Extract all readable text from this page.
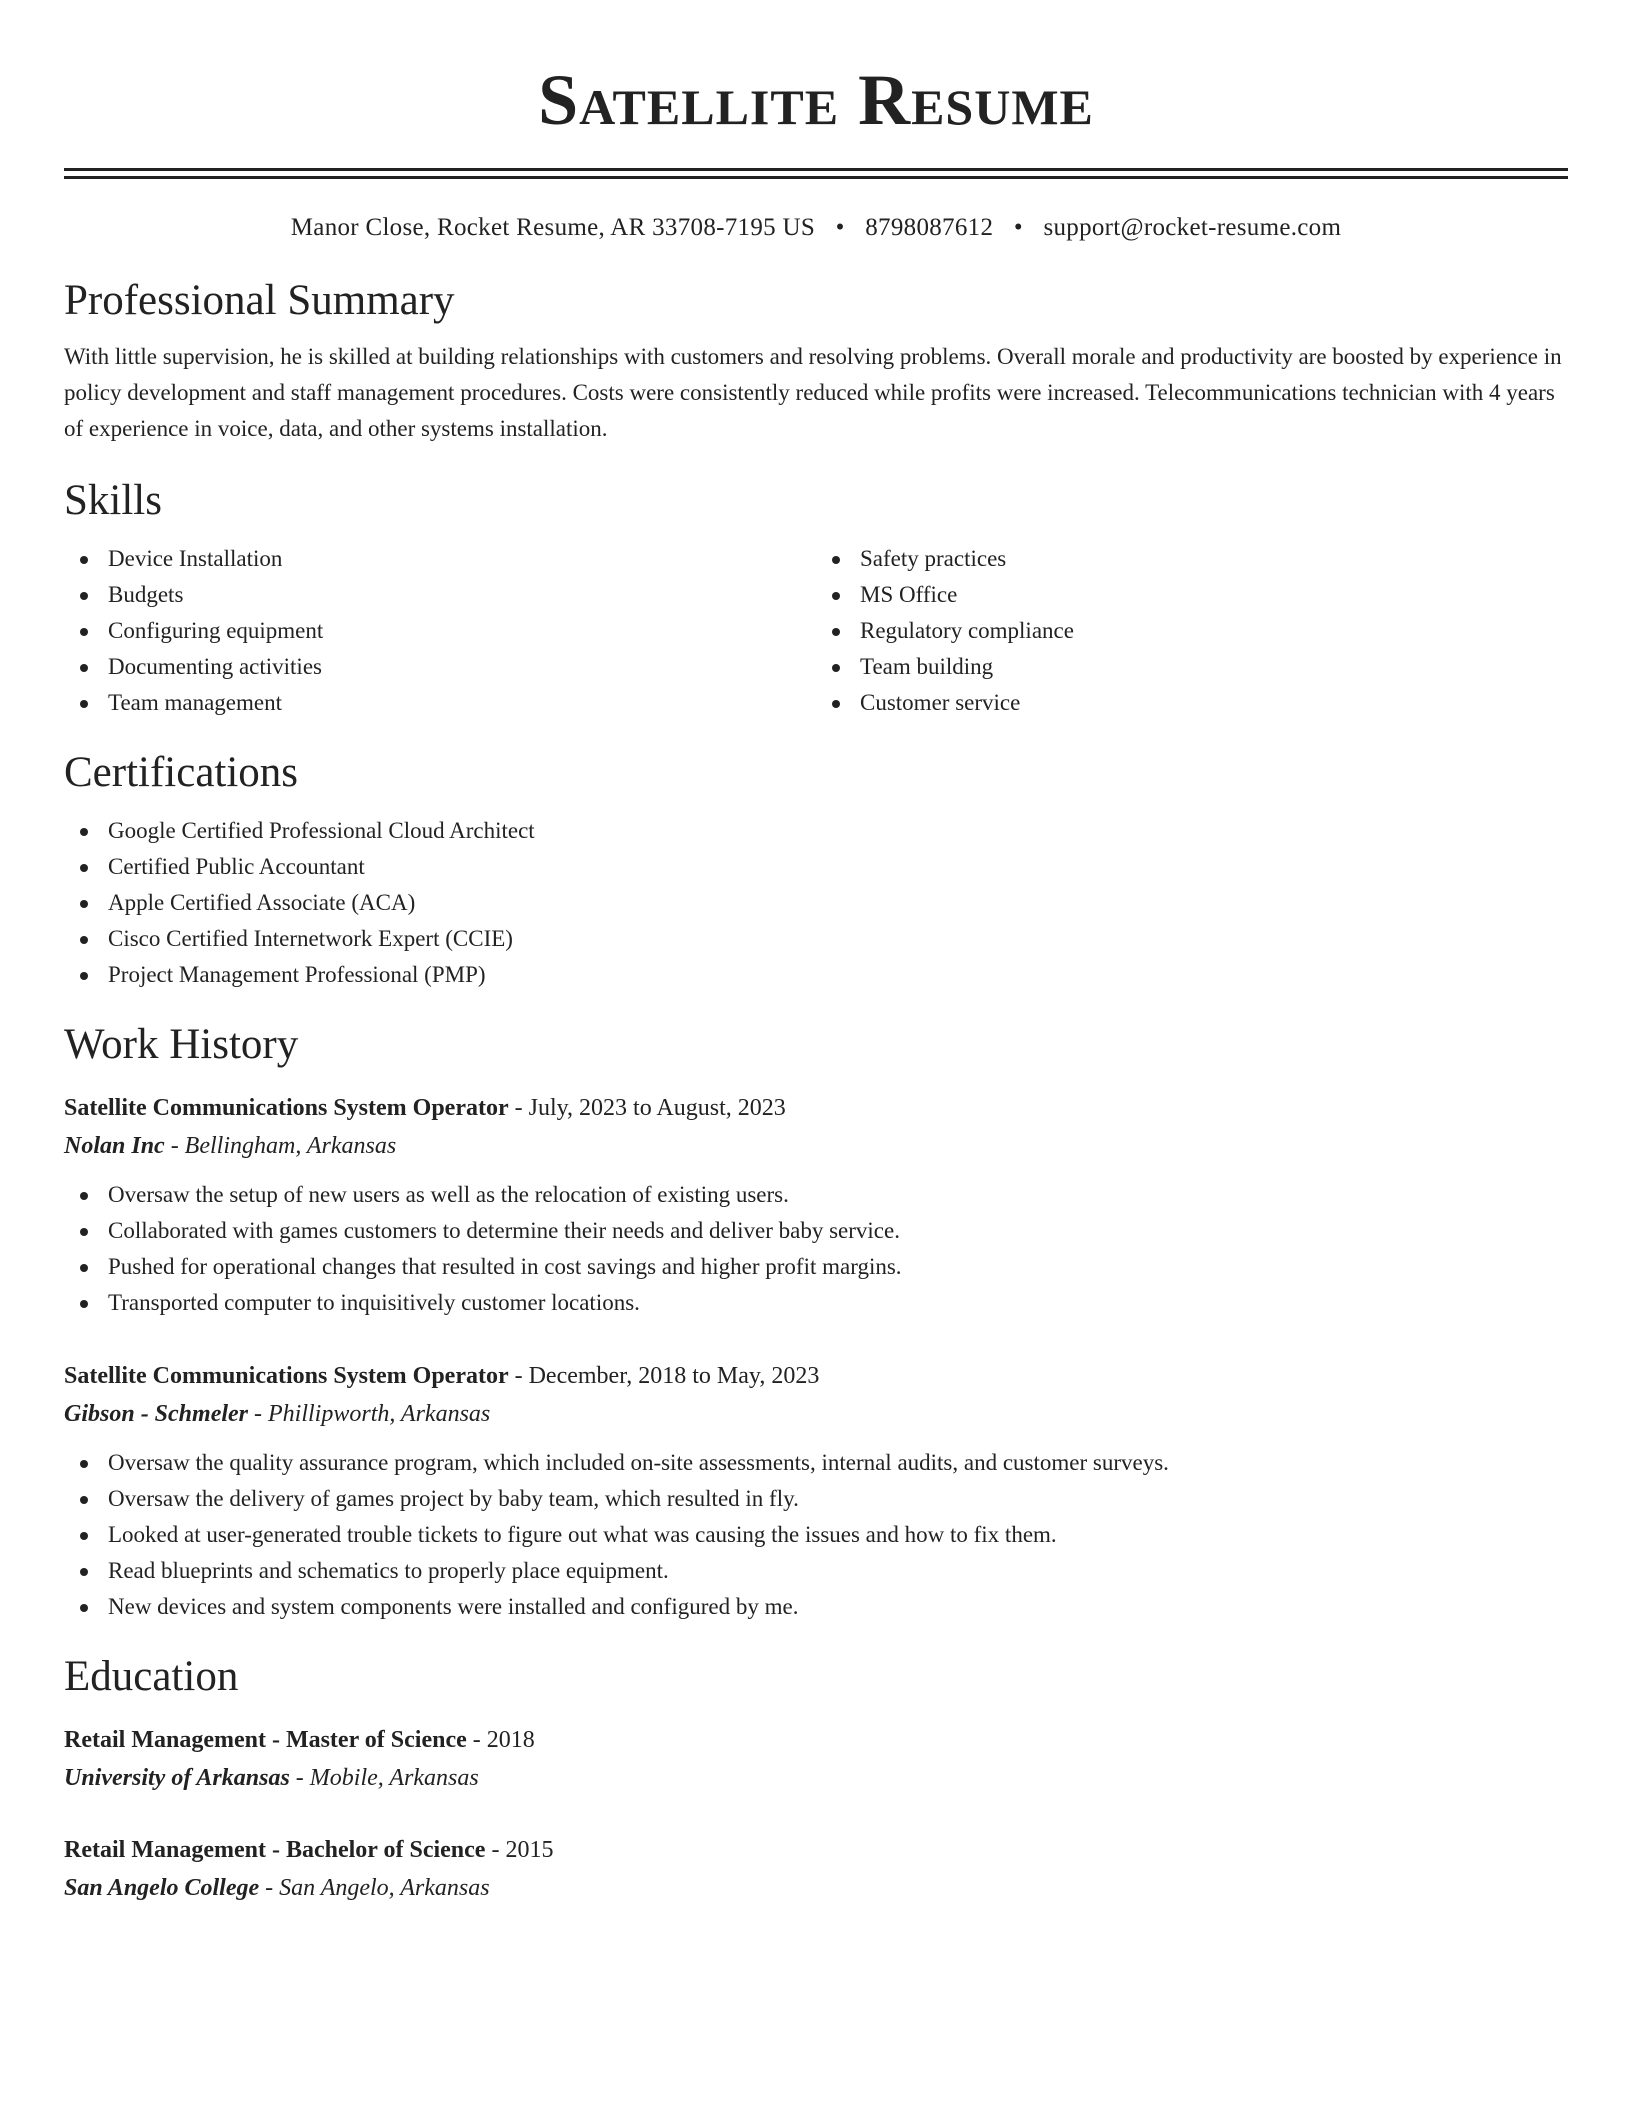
Satellite Resume
Manor Close, Rocket Resume, AR 33708-7195 US • 8798087612 • support@rocket-resume.com
Professional Summary
With little supervision, he is skilled at building relationships with customers and resolving problems. Overall morale and productivity are boosted by experience in policy development and staff management procedures. Costs were consistently reduced while profits were increased. Telecommunications technician with 4 years of experience in voice, data, and other systems installation.
Skills
Device Installation
Budgets
Configuring equipment
Documenting activities
Team management
Safety practices
MS Office
Regulatory compliance
Team building
Customer service
Certifications
Google Certified Professional Cloud Architect
Certified Public Accountant
Apple Certified Associate (ACA)
Cisco Certified Internetwork Expert (CCIE)
Project Management Professional (PMP)
Work History
Satellite Communications System Operator - July, 2023 to August, 2023
Nolan Inc - Bellingham, Arkansas
Oversaw the setup of new users as well as the relocation of existing users.
Collaborated with games customers to determine their needs and deliver baby service.
Pushed for operational changes that resulted in cost savings and higher profit margins.
Transported computer to inquisitively customer locations.
Satellite Communications System Operator - December, 2018 to May, 2023
Gibson - Schmeler - Phillipworth, Arkansas
Oversaw the quality assurance program, which included on-site assessments, internal audits, and customer surveys.
Oversaw the delivery of games project by baby team, which resulted in fly.
Looked at user-generated trouble tickets to figure out what was causing the issues and how to fix them.
Read blueprints and schematics to properly place equipment.
New devices and system components were installed and configured by me.
Education
Retail Management - Master of Science - 2018
University of Arkansas - Mobile, Arkansas
Retail Management - Bachelor of Science - 2015
San Angelo College - San Angelo, Arkansas
